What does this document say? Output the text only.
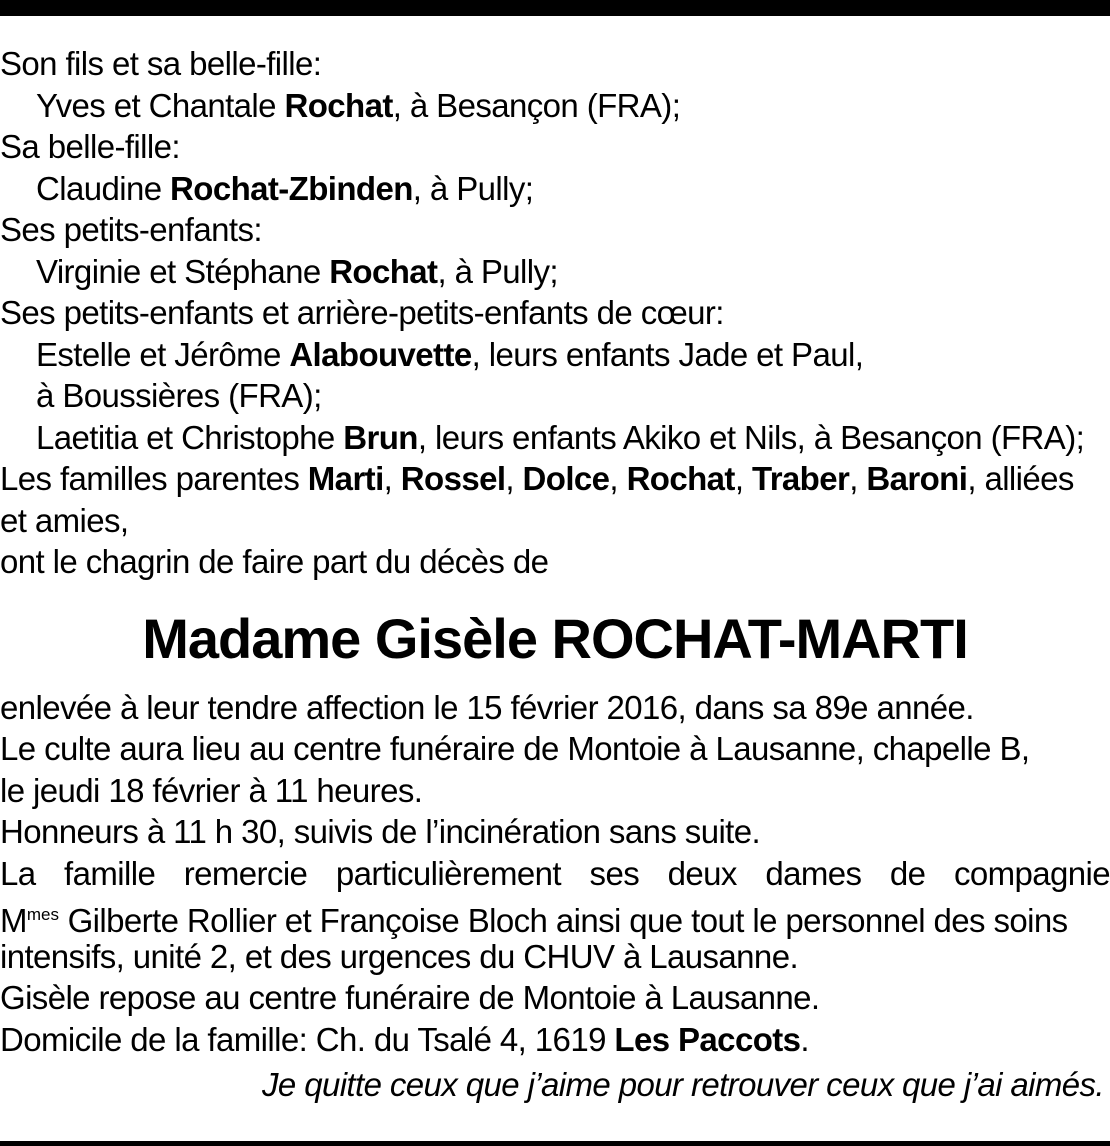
Son fils et sa belle-fille:
Yves et Chantale Rochat, à Besançon (FRA);
Sa belle-fille:
Claudine Rochat-Zbinden, à Pully;
Ses petits-enfants:
Virginie et Stéphane Rochat, à Pully;
Ses petits-enfants et arrière-petits-enfants de cœur:
Estelle et Jérôme Alabouvette, leurs enfants Jade et Paul,
à Boussières (FRA);
Laetitia et Christophe Brun, leurs enfants Akiko et Nils, à Besançon (FRA);
Les familles parentes Marti, Rossel, Dolce, Rochat, Traber, Baroni, alliées
et amies,
ont le chagrin de faire part du décès de
Madame Gisèle ROCHAT-MARTI
enlevée à leur tendre affection le 15 février 2016, dans sa 89e année.
Le culte aura lieu au centre funéraire de Montoie à Lausanne, chapelle B,
le jeudi 18 février à 11 heures.
Honneurs à 11 h 30, suivis de l’incinération sans suite.
La famille remercie particulièrement ses deux dames de compagnie
$M^{mes}$ Gilberte Rollier et Françoise Bloch ainsi que tout le personnel des soins
intensifs, unité 2, et des urgences du CHUV à Lausanne.
Gisèle repose au centre funéraire de Montoie à Lausanne.
Domicile de la famille: Ch. du Tsalé 4, 1619 Les Paccots.
Je quitte ceux que j’aime pour retrouver ceux que j’ai aimés.
